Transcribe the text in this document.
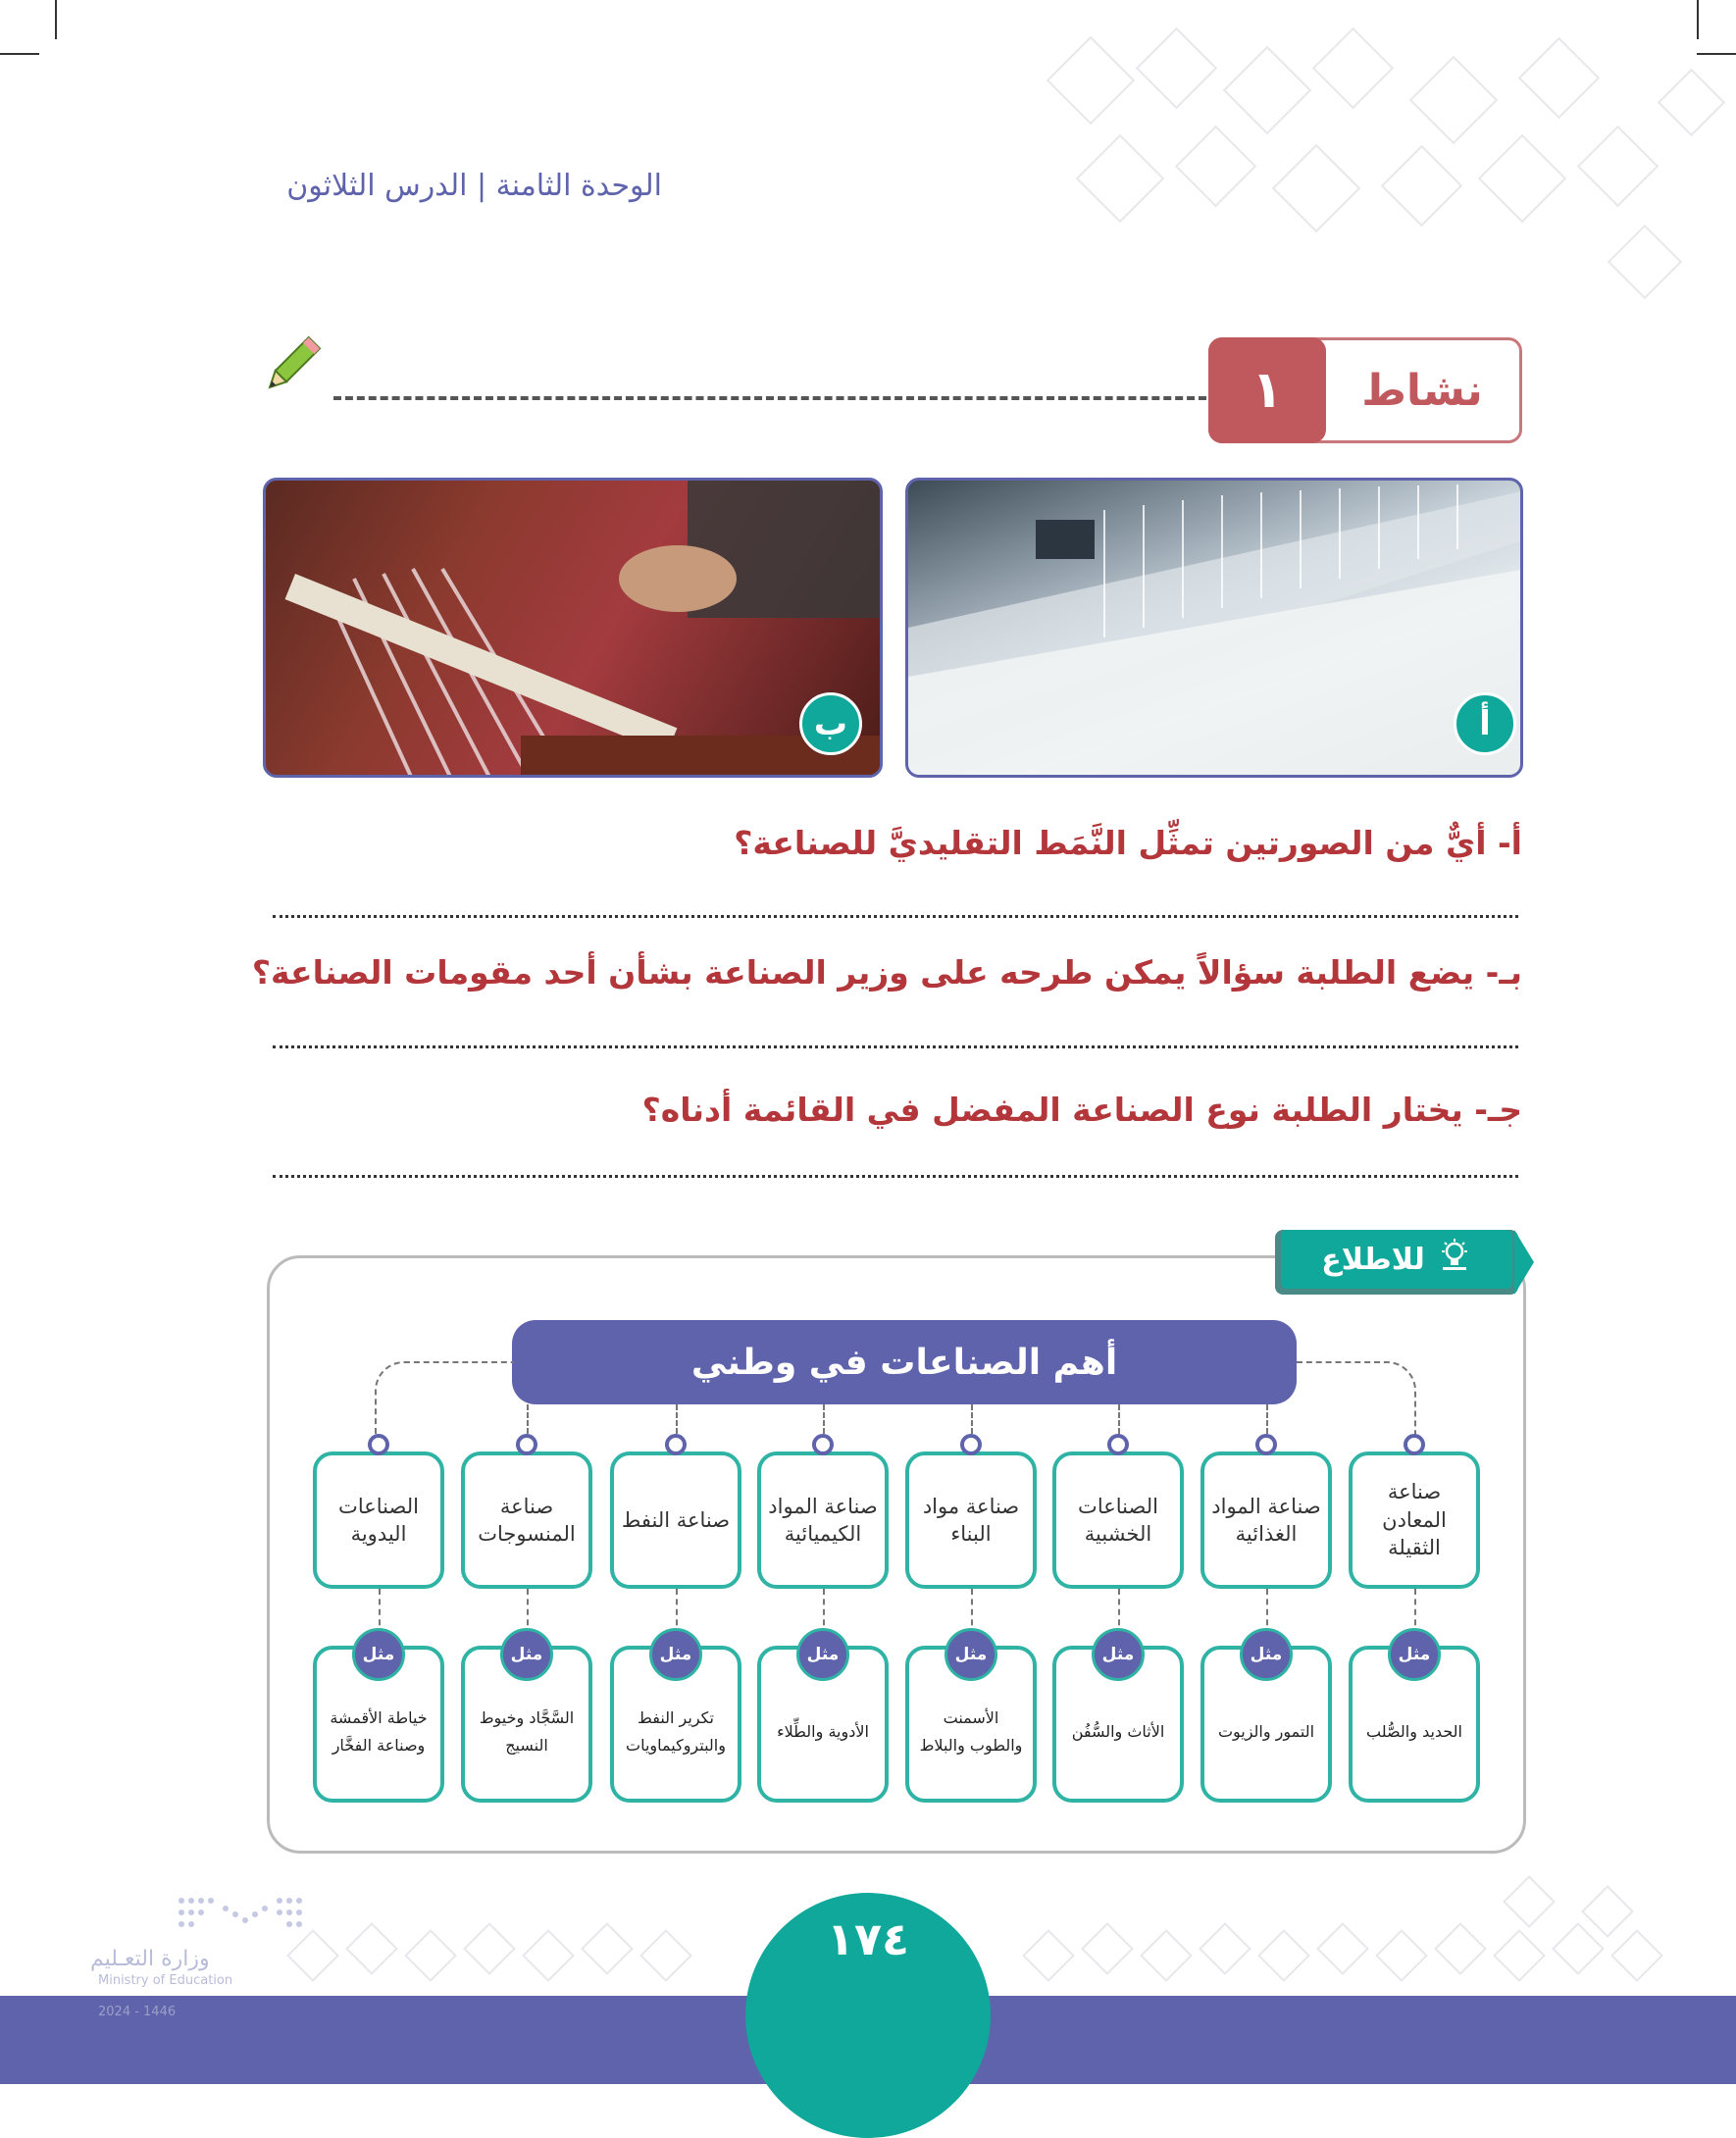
الوحدة الثامنة | الدرس الثلاثون
١	نشاط
أ
ب
أ- أيٌّ من الصورتين تمثِّل النَّمَط التقليديَّ للصناعة؟
بـ- يضع الطلبة سؤالاً يمكن طرحه على وزير الصناعة بشأن أحد مقومات الصناعة؟
جـ- يختار الطلبة نوع الصناعة المفضل في القائمة أدناه؟
للاطلاع
أهم الصناعات في وطني
صناعة المعادن الثقيلة
الحديد والصُّلب
مثل
صناعة المواد الغذائية
التمور والزيوت
مثل
الصناعات الخشبية
الأثاث والسُّفُن
مثل
صناعة مواد البناء
الأسمنت والطوب والبلاط
مثل
صناعة المواد الكيميائية
الأدوية والطِّلاء
مثل
صناعة النفط
تكرير النفط والبتروكيماويات
مثل
صناعة المنسوجات
السَّجَّاد وخيوط النسيج
مثل
الصناعات اليدوية
خياطة الأقمشة وصناعة الفخَّار
مثل
١٧٤
وزارة التعـليم
Ministry of Education
2024 - 1446
